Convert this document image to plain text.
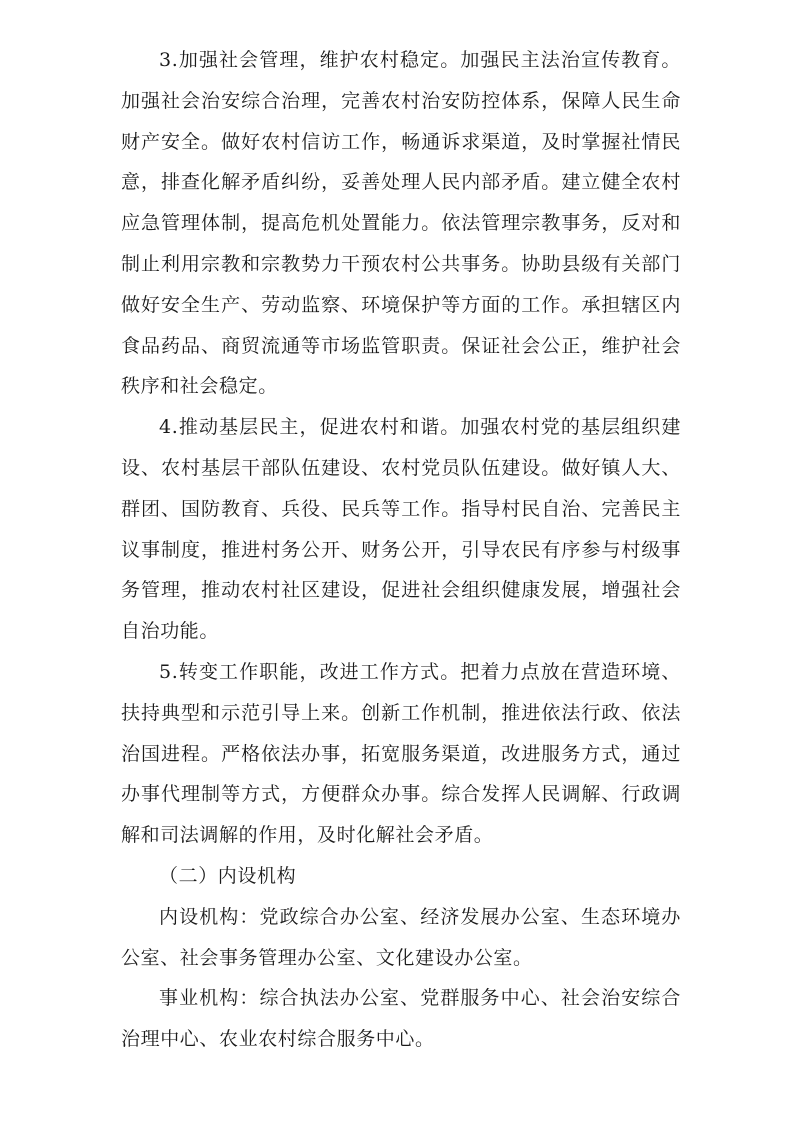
3.加强社会管理，维护农村稳定。加强民主法治宣传教育。加强社会治安综合治理，完善农村治安防控体系，保障人民生命财产安全。做好农村信访工作，畅通诉求渠道，及时掌握社情民意，排查化解矛盾纠纷，妥善处理人民内部矛盾。建立健全农村应急管理体制，提高危机处置能力。依法管理宗教事务，反对和制止利用宗教和宗教势力干预农村公共事务。协助县级有关部门做好安全生产、劳动监察、环境保护等方面的工作。承担辖区内食品药品、商贸流通等市场监管职责。保证社会公正，维护社会秩序和社会稳定。

4.推动基层民主，促进农村和谐。加强农村党的基层组织建设、农村基层干部队伍建设、农村党员队伍建设。做好镇人大、群团、国防教育、兵役、民兵等工作。指导村民自治、完善民主议事制度，推进村务公开、财务公开，引导农民有序参与村级事务管理，推动农村社区建设，促进社会组织健康发展，增强社会自治功能。

5.转变工作职能，改进工作方式。把着力点放在营造环境、扶持典型和示范引导上来。创新工作机制，推进依法行政、依法治国进程。严格依法办事，拓宽服务渠道，改进服务方式，通过办事代理制等方式，方便群众办事。综合发挥人民调解、行政调解和司法调解的作用，及时化解社会矛盾。

（二）内设机构

内设机构：党政综合办公室、经济发展办公室、生态环境办公室、社会事务管理办公室、文化建设办公室。

事业机构：综合执法办公室、党群服务中心、社会治安综合治理中心、农业农村综合服务中心。
